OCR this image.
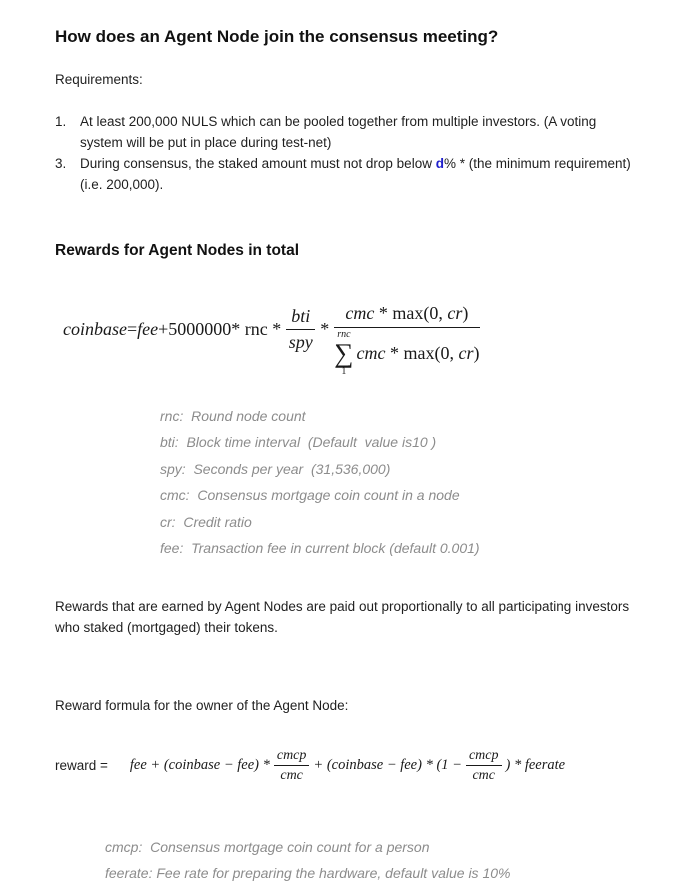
How does an Agent Node join the consensus meeting?
Requirements:
1.	At least 200,000 NULS which can be pooled together from multiple investors. (A voting system will be put in place during test-net)
3.	During consensus, the staked amount must not drop below d% * (the minimum requirement) (i.e. 200,000).
Rewards for Agent Nodes in total
coinbase = fee + 5000000 * rnc * $\frac{\text{bti}}{\text{spy}}$ *
cmc * max(0, cr)
rnc
∑
1
cmc * max(0, cr)
rnc:  Round node count
bti:  Block time interval  (Default  value is10 )
spy:  Seconds per year  (31,536,000)
cmc:  Consensus mortgage coin count in a node
cr:  Credit ratio
fee:  Transaction fee in current block (default 0.001)
Rewards that are earned by Agent Nodes are paid out proportionally to all participating investors who staked (mortgaged) their tokens.
Reward formula for the owner of the Agent Node:
reward = fee + (coinbase − $fee) * \frac{\text{cmcp}}{\text{cmc}}$ + (coinbase − $fee) * (1 - \frac{\text{cmcp}}{\text{cmc}}$ ) * feerate
cmcp:  Consensus mortgage coin count for a person
feerate: Fee rate for preparing the hardware, default value is 10%
